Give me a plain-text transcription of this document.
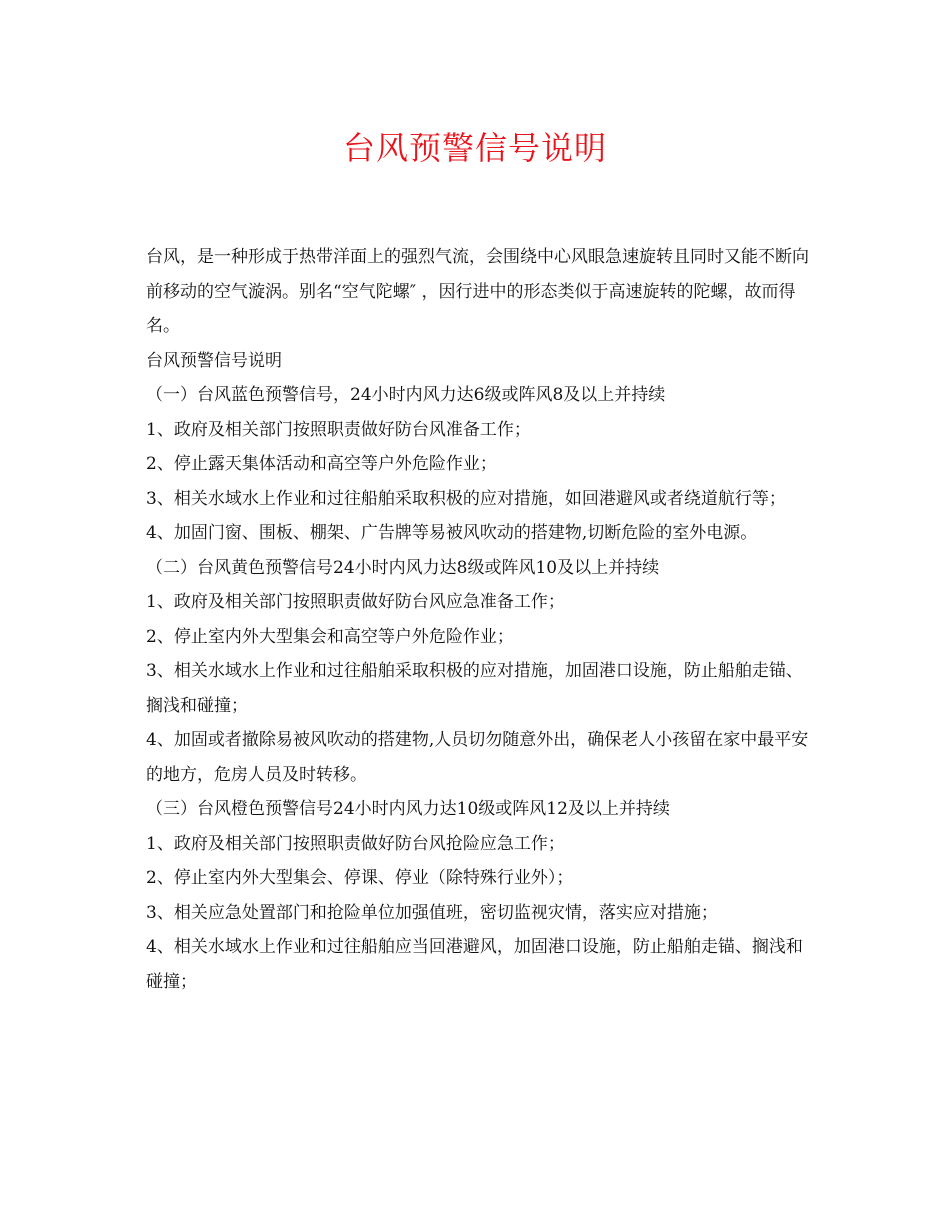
台风预警信号说明

台风，是一种形成于热带洋面上的强烈气流，会围绕中心风眼急速旋转且同时又能不断向前移动的空气漩涡。别名“空气陀螺″ ，因行进中的形态类似于高速旋转的陀螺，故而得名。

台风预警信号说明

（一）台风蓝色预警信号，24小时内风力达6级或阵风8及以上并持续

1、政府及相关部门按照职责做好防台风准备工作；

2、停止露天集体活动和高空等户外危险作业；

3、相关水域水上作业和过往船舶采取积极的应对措施，如回港避风或者绕道航行等；

4、加固门窗、围板、棚架、广告牌等易被风吹动的搭建物,切断危险的室外电源。

（二）台风黄色预警信号24小时内风力达8级或阵风10及以上并持续

1、政府及相关部门按照职责做好防台风应急准备工作；

2、停止室内外大型集会和高空等户外危险作业；

3、相关水域水上作业和过往船舶采取积极的应对措施，加固港口设施，防止船舶走锚、搁浅和碰撞；

4、加固或者撤除易被风吹动的搭建物,人员切勿随意外出，确保老人小孩留在家中最平安的地方，危房人员及时转移。

（三）台风橙色预警信号24小时内风力达10级或阵风12及以上并持续

1、政府及相关部门按照职责做好防台风抢险应急工作；

2、停止室内外大型集会、停课、停业（除特殊行业外）；

3、相关应急处置部门和抢险单位加强值班，密切监视灾情，落实应对措施；

4、相关水域水上作业和过往船舶应当回港避风，加固港口设施，防止船舶走锚、搁浅和碰撞；
